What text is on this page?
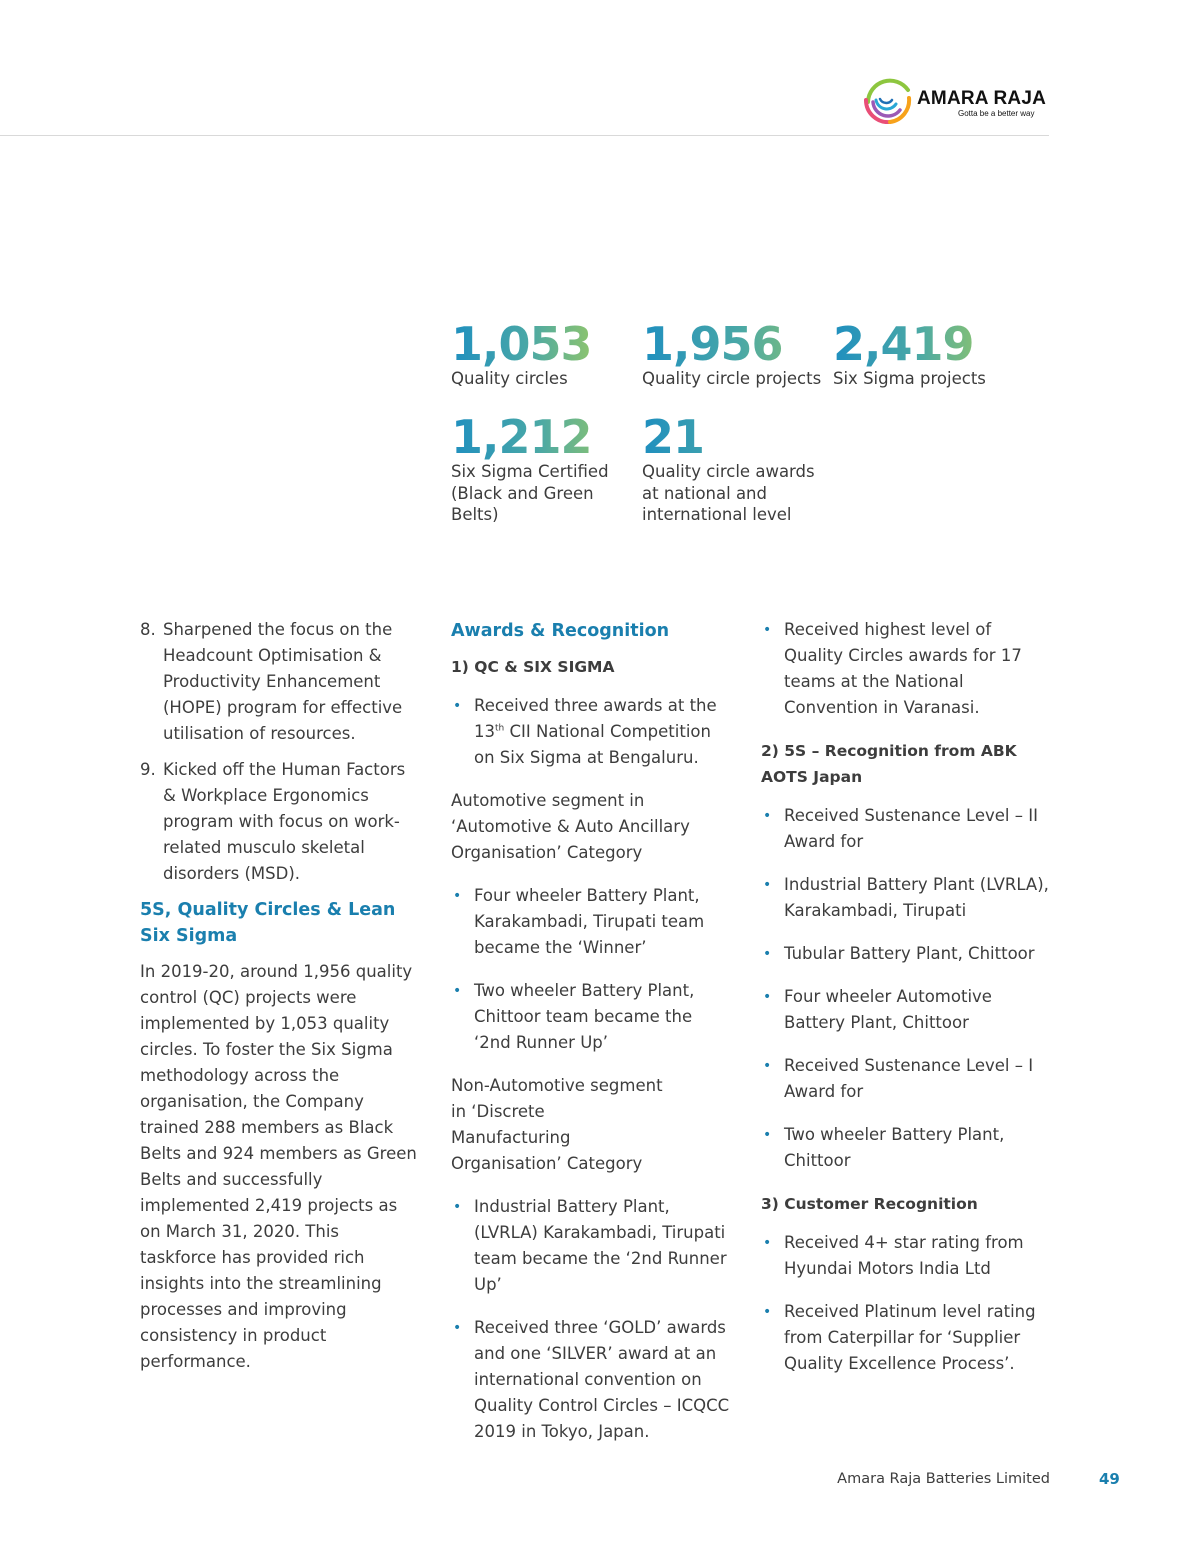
AMARA RAJA
Gotta be a better way
1,053
Quality circles
1,956
Quality circle projects
2,419
Six Sigma projects
1,212
Six Sigma Certified
(Black and Green
Belts)
21
Quality circle awards
at national and
international level
8. Sharpened the focus on the Headcount Optimisation & Productivity Enhancement (HOPE) program for effective utilisation of resources.
9. Kicked off the Human Factors & Workplace Ergonomics program with focus on work-related musculo skeletal disorders (MSD).
5S, Quality Circles & Lean Six Sigma

In 2019-20, around 1,956 quality control (QC) projects were implemented by 1,053 quality circles. To foster the Six Sigma methodology across the organisation, the Company trained 288 members as Black Belts and 924 members as Green Belts and successfully implemented 2,419 projects as on March 31, 2020. This taskforce has provided rich insights into the streamlining processes and improving consistency in product performance.

Awards & Recognition
1) QC & SIX SIGMA
• Received three awards at the 13th CII National Competition on Six Sigma at Bengaluru.

Automotive segment in ‘Automotive & Auto Ancillary Organisation’ Category

• Four wheeler Battery Plant, Karakambadi, Tirupati team became the ‘Winner’
• Two wheeler Battery Plant, Chittoor team became the ‘2nd Runner Up’

Non-Automotive segment in ‘Discrete Manufacturing Organisation’ Category

• Industrial Battery Plant, (LVRLA) Karakambadi, Tirupati team became the ‘2nd Runner Up’
• Received three ‘GOLD’ awards and one ‘SILVER’ award at an international convention on Quality Control Circles – ICQCC 2019 in Tokyo, Japan.
• Received highest level of Quality Circles awards for 17 teams at the National Convention in Varanasi.
2) 5S – Recognition from ABK AOTS Japan
• Received Sustenance Level – II Award for
• Industrial Battery Plant (LVRLA), Karakambadi, Tirupati
• Tubular Battery Plant, Chittoor
• Four wheeler Automotive Battery Plant, Chittoor
• Received Sustenance Level – I Award for
• Two wheeler Battery Plant, Chittoor
3) Customer Recognition
• Received 4+ star rating from Hyundai Motors India Ltd
• Received Platinum level rating from Caterpillar for ‘Supplier Quality Excellence Process’.
Amara Raja Batteries Limited	49
